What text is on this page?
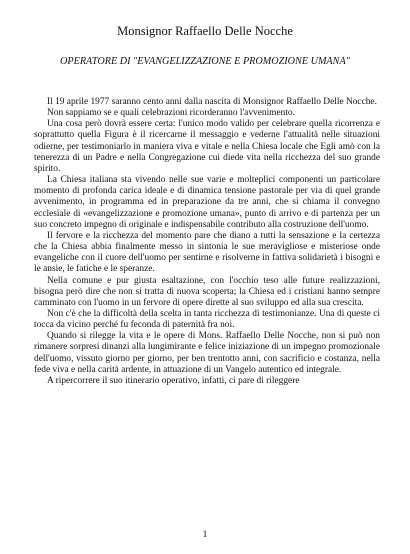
Monsignor Raffaello Delle Nocche
OPERATORE DI "EVANGELIZZAZIONE E PROMOZIONE UMANA"

Il 19 aprile 1977 saranno cento anni dalla nascita di Monsignor Raffaello Delle Nocche.

Non sappiamo se e quali celebrazioni ricorderanno l'avvenimento.

Una cosa però dovrà essere certa: l'unico modo valido per celebrare quella ricorrenza e soprattutto quella Figura è il ricercarne il messaggio e vederne l'attualità nelle situazioni odierne, per testimoniarlo in maniera viva e vitale e nella Chiesa locale che Egli amò con la tenerezza di un Padre e nella Congregazione cui diede vita nella ricchezza del suo grande spirito.

La Chiesa italiana sta vivendo nelle sue varie e molteplici componenti un particolare momento di profonda carica ideale e di dinamica tensione pastorale per via di quel grande avvenimento, in programma ed in preparazione da tre anni, che si chiama il convegno ecclesiale di «evangelizzazione e promozione umana», punto di arrivo e di partenza per un suo concreto impegno di originale e indispensabile contributo alla costruzione dell'uomo.

Il fervore e la ricchezza del momento pare che diano a tutti la sensazione e la certezza che la Chiesa abbia finalmente messo in sintonia le sue meravigliose e misteriose onde evangeliche con il cuore dell'uomo per sentirne e risolverne in fattiva solidarietà i bisogni e le ansie, le fatiche e le speranze.

Nella comune e pur giusta esaltazione, con l'occhio teso alle future realizzazioni, bisogna però dire che non si tratta di nuova scoperta; la Chiesa ed i cristiani hanno sempre camminato con l'uomo in un fervore di opere dirette al suo sviluppo ed alla sua crescita.

Non c'è che la difficoltà della scelta in tanta ricchezza di testimonianze. Una di queste ci tocca da vicino perché fu feconda di paternità fra noi.

Quando si rilegge la vita e le opere di Mons. Raffaello Delle Nocche, non si può non rimanere sorpresi dinanzi alla lungimirante e felice iniziazione di un impegno promozionale dell'uomo, vissuto giorno per giorno, per ben trentotto anni, con sacrificio e costanza, nella fede viva e nella carità ardente, in attuazione di un Vangelo autentico ed integrale.

A ripercorrere il suo itinerario operativo, infatti, ci pare di rileggere

1
